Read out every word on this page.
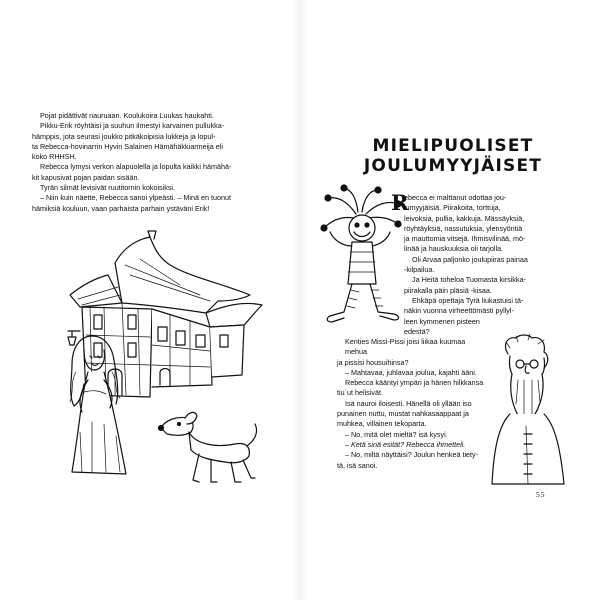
Pojat pidättivät nauruaan. Koulukoira Luukas haukahti.

Pikku-Erik röyhtäisi ja suuhun ilmestyi karvainen pullukka-

hämppis, jota seurasi joukko pitkäkoipisia lukkeja ja lopul-

ta Rebecca-hovinarrin Hyvin Salainen Hämähäkkiarmeija eli

koko RHHSH.

Rebecca lymysi verkon alapuolella ja lopulta kaikki hämähä-

kit kapusivat pojan paidan sisään.

Tyrän silmät levisivät ruutitornin kokoisiksi.

– Niin kuin näette, Rebecca sanoi ylpeästi. – Minä en tuonut

hämiksiä kouluun, vaan parhaista parhain ystäväni Erik!

MIELIPUOLISET
JOULUMYYJÄISET

R
ebecca ei malttanut odottaa jou-

lumyyjäisiä. Piirakoita, torttuja,

leivoksia, pullia, kakkuja. Mässäyksiä,

röyhtäyksiä, nassutuksia, ylensyöntiä

ja mauttomia vitsejä. Ihmisvilinää, mö-

linää ja hauskuuksia oli tarjolla.

Oli Arvaa paljonko joulupiiras painaa

-kilpailua.

Ja Heitä toheloa Tuomasta kirsikka-

piirakalla päin pläsiä -kisaa.

Ehkäpä opettaja Tyrä liukastuisi tä-

näkin vuonna virheettömästi pyllyl-

leen kymmenen pisteen

edestä?

Kenties Missi-Pissi joisi liikaa kuumaa mehua

ja pissisi housuihinsa?

– Mahtavaa, juhlavaa joulua, kajahti ääni.

Rebecca kääntyi ympäri ja hänen hilkkansa

tiu´ut helisivät.

Isä nauroi iloisesti. Hänellä oli yllään iso

punainen nuttu, mustat nahkasaappaat ja

muhkea, villainen tekoparta.

– No, mitä olet mieltä? isä kysyi.

– Ketä sinä esität? Rebecca ihmetteli.

– No, miltä näyttäisi? Joulun henkeä tiety-

tä, isä sanoi.

55
